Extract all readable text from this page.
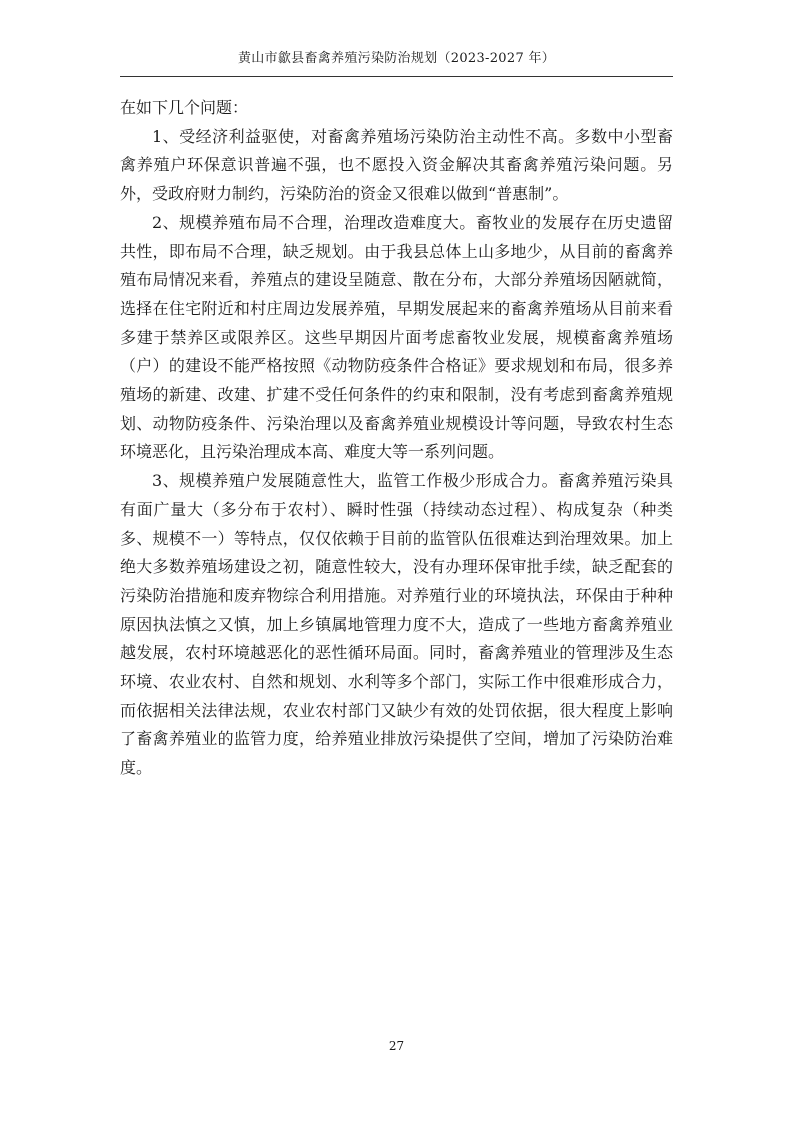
黄山市歙县畜禽养殖污染防治规划（2023-2027 年）

在如下几个问题：

1、受经济利益驱使，对畜禽养殖场污染防治主动性不高。多数中小型畜禽养殖户环保意识普遍不强，也不愿投入资金解决其畜禽养殖污染问题。另外，受政府财力制约，污染防治的资金又很难以做到“普惠制”。

2、规模养殖布局不合理，治理改造难度大。畜牧业的发展存在历史遗留共性，即布局不合理，缺乏规划。由于我县总体上山多地少，从目前的畜禽养殖布局情况来看，养殖点的建设呈随意、散在分布，大部分养殖场因陋就简，选择在住宅附近和村庄周边发展养殖，早期发展起来的畜禽养殖场从目前来看多建于禁养区或限养区。这些早期因片面考虑畜牧业发展，规模畜禽养殖场（户）的建设不能严格按照《动物防疫条件合格证》要求规划和布局，很多养殖场的新建、改建、扩建不受任何条件的约束和限制，没有考虑到畜禽养殖规划、动物防疫条件、污染治理以及畜禽养殖业规模设计等问题，导致农村生态环境恶化，且污染治理成本高、难度大等一系列问题。

3、规模养殖户发展随意性大，监管工作极少形成合力。畜禽养殖污染具有面广量大（多分布于农村）、瞬时性强（持续动态过程）、构成复杂（种类多、规模不一）等特点，仅仅依赖于目前的监管队伍很难达到治理效果。加上绝大多数养殖场建设之初，随意性较大，没有办理环保审批手续，缺乏配套的污染防治措施和废弃物综合利用措施。对养殖行业的环境执法，环保由于种种原因执法慎之又慎，加上乡镇属地管理力度不大，造成了一些地方畜禽养殖业越发展，农村环境越恶化的恶性循环局面。同时，畜禽养殖业的管理涉及生态环境、农业农村、自然和规划、水利等多个部门，实际工作中很难形成合力，而依据相关法律法规，农业农村部门又缺少有效的处罚依据，很大程度上影响了畜禽养殖业的监管力度，给养殖业排放污染提供了空间，增加了污染防治难度。

27
